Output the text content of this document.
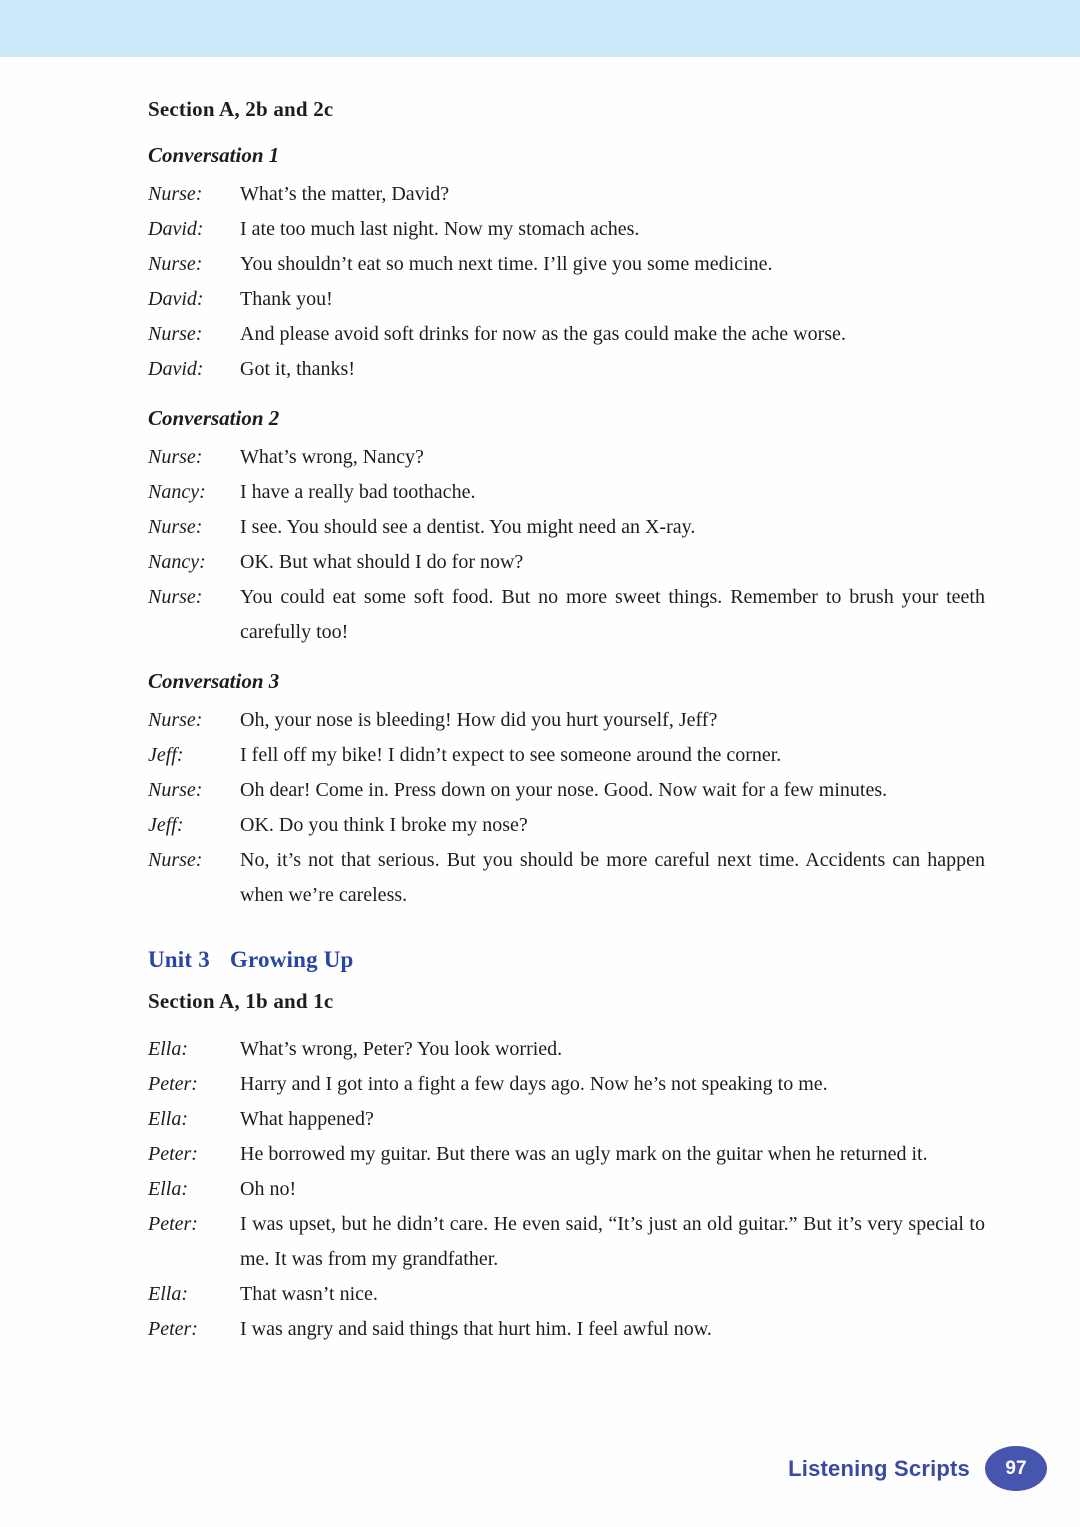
Section A, 2b and 2c
Conversation 1
Nurse:	What’s the matter, David?

David:	I ate too much last night. Now my stomach aches.

Nurse:	You shouldn’t eat so much next time. I’ll give you some medicine.

David:	Thank you!

Nurse:	And please avoid soft drinks for now as the gas could make the ache worse.

David:	Got it, thanks!

Conversation 2
Nurse:	What’s wrong, Nancy?

Nancy:	I have a really bad toothache.

Nurse:	I see. You should see a dentist. You might need an X-ray.

Nancy:	OK. But what should I do for now?

Nurse:	You could eat some soft food. But no more sweet things. Remember to brush your teeth carefully too!

Conversation 3
Nurse:	Oh, your nose is bleeding! How did you hurt yourself, Jeff?

Jeff:	I fell off my bike! I didn’t expect to see someone around the corner.

Nurse:	Oh dear! Come in. Press down on your nose. Good. Now wait for a few minutes.

Jeff:	OK. Do you think I broke my nose?

Nurse:	No, it’s not that serious. But you should be more careful next time. Accidents can happen when we’re careless.

Unit 3 Growing Up
Section A, 1b and 1c
Ella:	What’s wrong, Peter? You look worried.

Peter:	Harry and I got into a fight a few days ago. Now he’s not speaking to me.

Ella:	What happened?

Peter:	He borrowed my guitar. But there was an ugly mark on the guitar when he returned it.

Ella:	Oh no!

Peter:	I was upset, but he didn’t care. He even said, “It’s just an old guitar.” But it’s very special to me. It was from my grandfather.

Ella:	That wasn’t nice.

Peter:	I was angry and said things that hurt him. I feel awful now.

Listening Scripts	97
